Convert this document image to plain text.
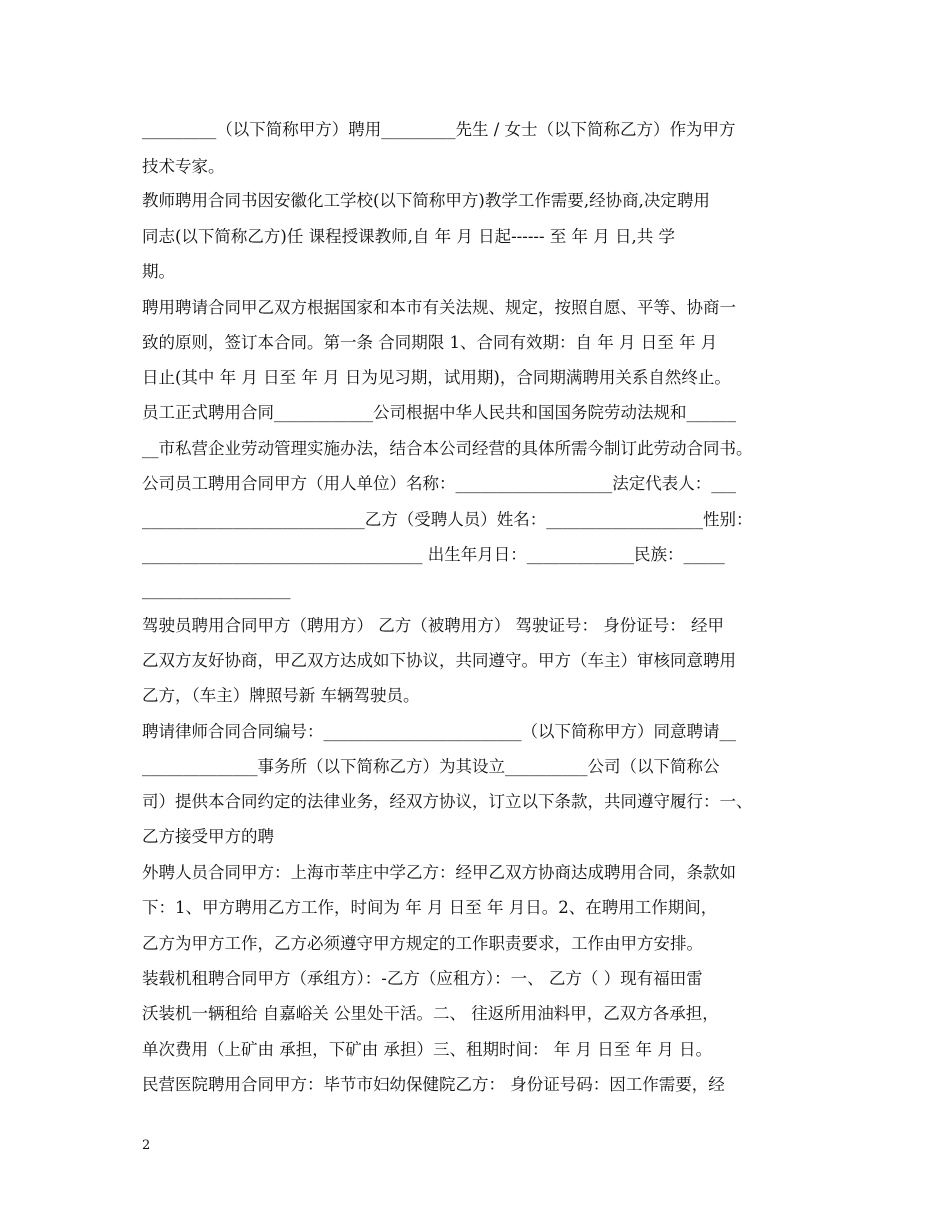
_________（以下简称甲方）聘用_________先生 / 女士（以下简称乙方）作为甲方
技术专家。
教师聘用合同书因安徽化工学校(以下简称甲方)教学工作需要,经协商,决定聘用
同志(以下简称乙方)任 课程授课教师,自 年 月 日起------ 至 年 月 日,共 学
期。
聘用聘请合同甲乙双方根据国家和本市有关法规、规定，按照自愿、平等、协商一
致的原则，签订本合同。第一条 合同期限 1、合同有效期：自 年 月 日至 年 月
日止(其中 年 月 日至 年 月 日为见习期，试用期)，合同期满聘用关系自然终止。
员工正式聘用合同____________公司根据中华人民共和国国务院劳动法规和______
__市私营企业劳动管理实施办法，结合本公司经营的具体所需今制订此劳动合同书。
公司员工聘用合同甲方（用人单位）名称：___________________法定代表人：___
___________________________乙方（受聘人员）姓名：___________________性别：
__________________________________ 出生年月日：_____________民族：_____
__________________
驾驶员聘用合同甲方（聘用方） 乙方（被聘用方） 驾驶证号： 身份证号： 经甲
乙双方友好协商，甲乙双方达成如下协议，共同遵守。甲方（车主）审核同意聘用
乙方，（车主）牌照号新 车辆驾驶员。
聘请律师合同合同编号：________________________（以下简称甲方）同意聘请__
______________事务所（以下简称乙方）为其设立__________公司（以下简称公
司）提供本合同约定的法律业务，经双方协议，订立以下条款，共同遵守履行：一、
乙方接受甲方的聘
外聘人员合同甲方：上海市莘庄中学乙方：经甲乙双方协商达成聘用合同，条款如
下：1、甲方聘用乙方工作，时间为 年 月 日至 年 月日。2、在聘用工作期间，
乙方为甲方工作，乙方必须遵守甲方规定的工作职责要求，工作由甲方安排。
装载机租聘合同甲方（承组方）：-乙方（应租方）：一、 乙方（ ）现有福田雷
沃装机一辆租给 自嘉峪关 公里处干活。二、 往返所用油料甲，乙双方各承担，
单次费用（上矿由 承担，下矿由 承担）三、租期时间： 年 月 日至 年 月 日。
民营医院聘用合同甲方：毕节市妇幼保健院乙方： 身份证号码：因工作需要，经
2
